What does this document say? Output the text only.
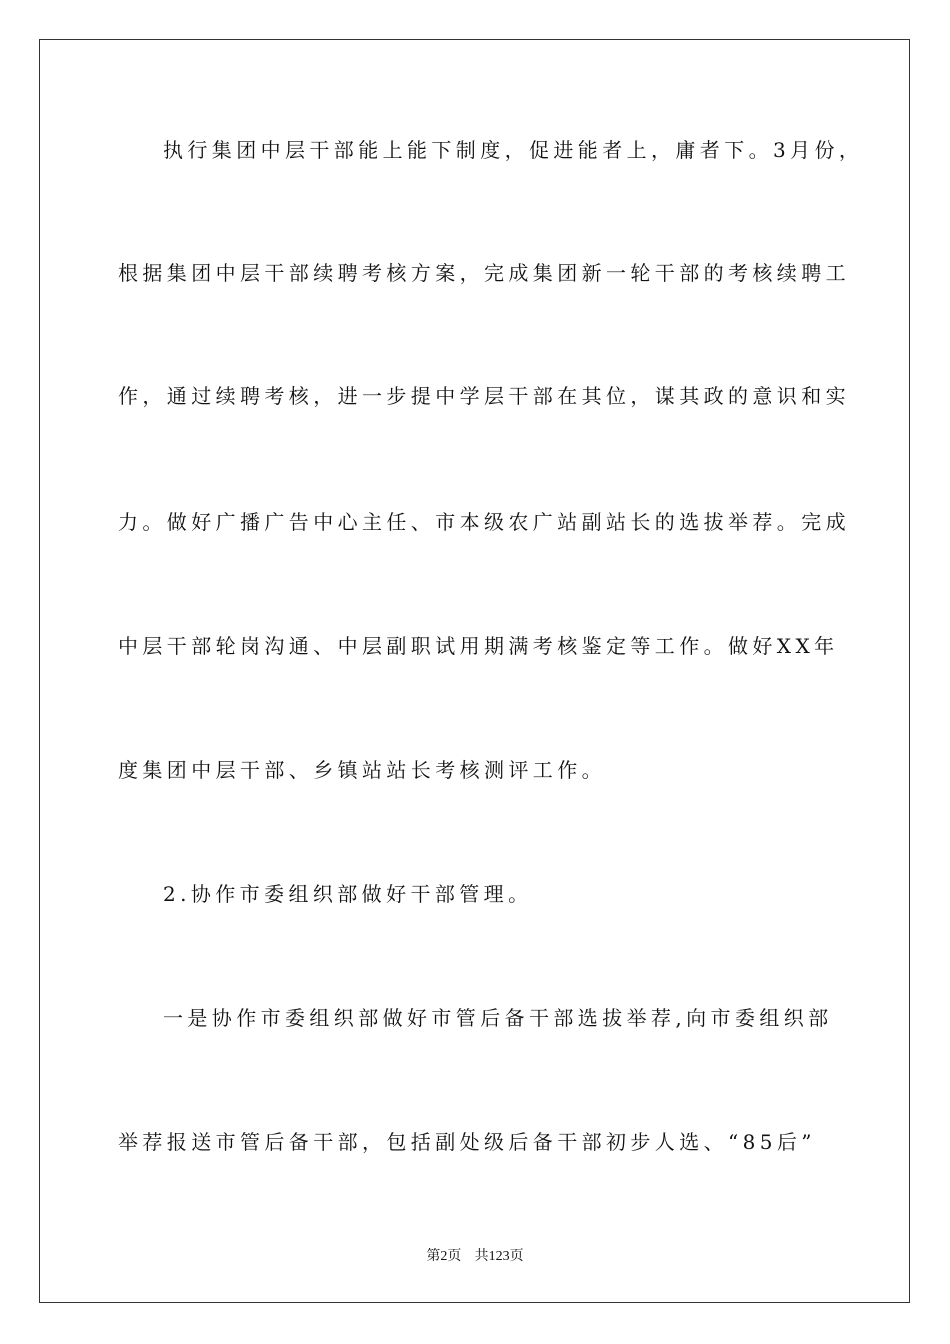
执行集团中层干部能上能下制度，促进能者上，庸者下。3月份，
根据集团中层干部续聘考核方案，完成集团新一轮干部的考核续聘工
作，通过续聘考核，进一步提中学层干部在其位，谋其政的意识和实
力。做好广播广告中心主任、市本级农广站副站长的选拔举荐。完成
中层干部轮岗沟通、中层副职试用期满考核鉴定等工作。做好XX年
度集团中层干部、乡镇站站长考核测评工作。
2.协作市委组织部做好干部管理。
一是协作市委组织部做好市管后备干部选拔举荐,向市委组织部
举荐报送市管后备干部，包括副处级后备干部初步人选、“85后”
第2页 共123页
